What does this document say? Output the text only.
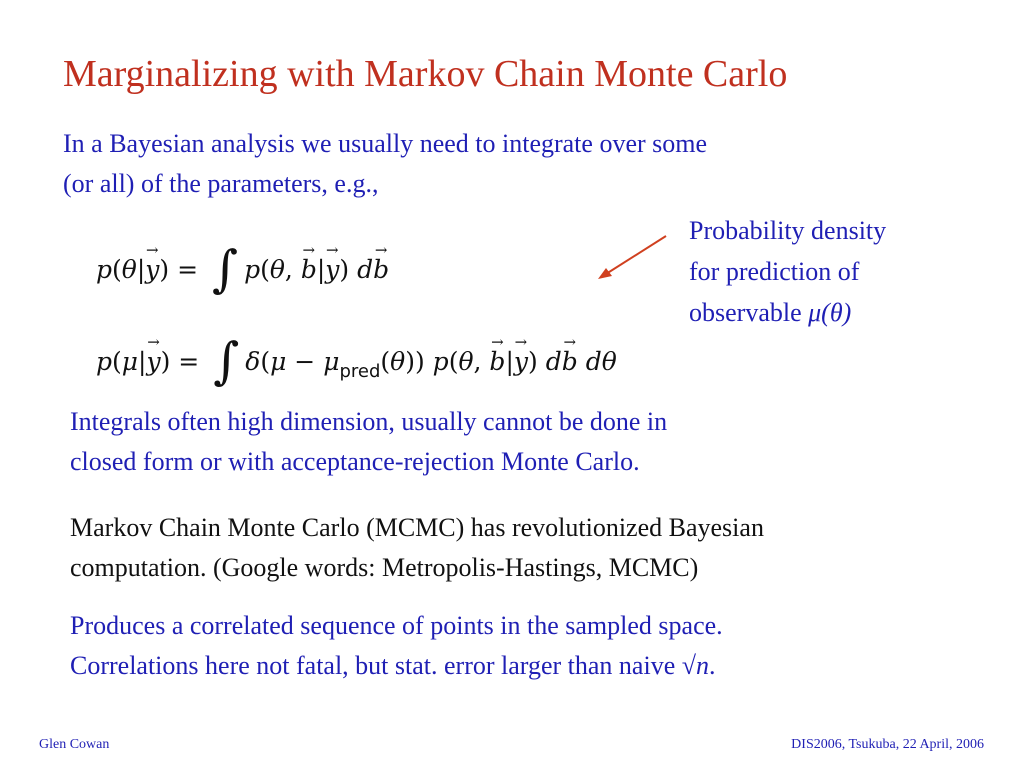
Marginalizing with Markov Chain Monte Carlo
In a Bayesian analysis we usually need to integrate over some
(or all) of the parameters, e.g.,
p(θ|→ y) = ∫ p(θ, → b|→ y) d→ b
p(μ|→ y) = ∫ $\delta(\mu - \mu_{pred}(\theta))$ p(θ, → b|→ y) d→ b dθ
Probability density
for prediction of
observable μ(θ)
Integrals often high dimension, usually cannot be done in
closed form or with acceptance-rejection Monte Carlo.
Markov Chain Monte Carlo (MCMC) has revolutionized Bayesian
computation. (Google words: Metropolis-Hastings, MCMC)
Produces a correlated sequence of points in the sampled space.
Correlations here not fatal, but stat. error larger than naive √n.
Glen Cowan	DIS2006, Tsukuba, 22 April, 2006
